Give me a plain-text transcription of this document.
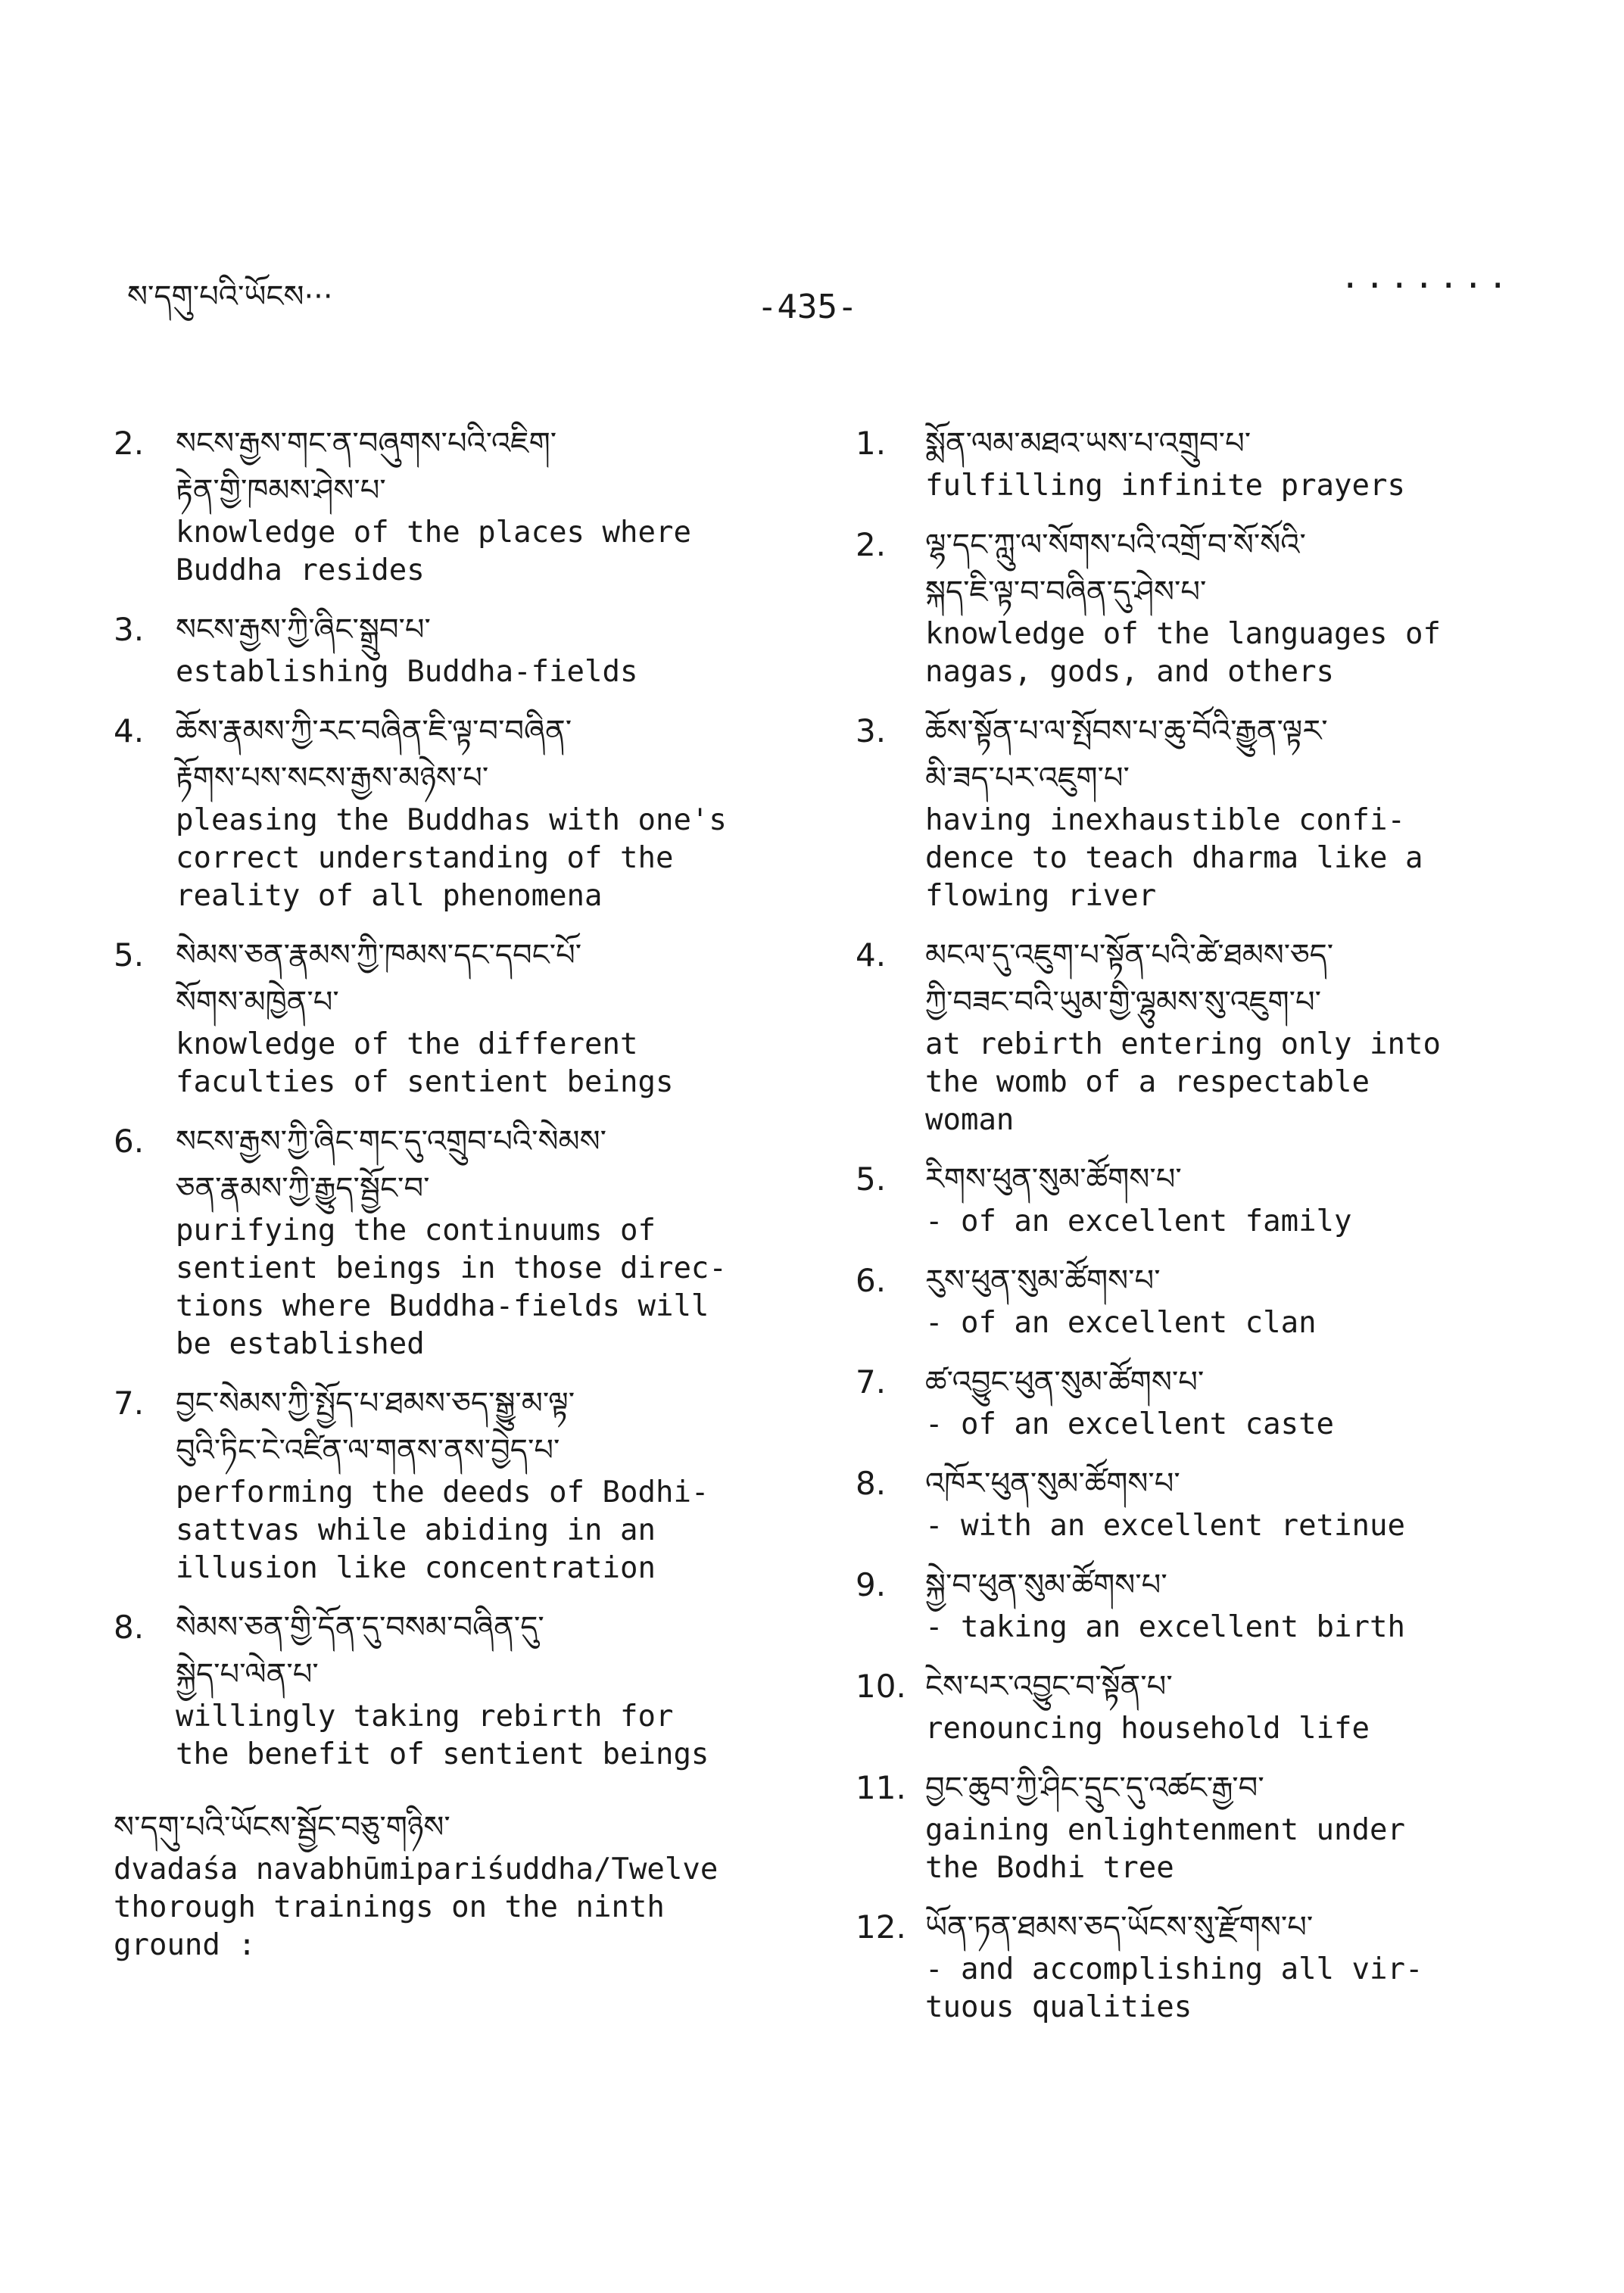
ས་དགུ་པའི་ཡོངས···	-435-
·······
2. སངས་རྒྱས་གང་ན་བཞུགས་པའི་འཇིག་
རྟེན་གྱི་ཁམས་ཤེས་པ་
knowledge of the places where
Buddha resides
3. སངས་རྒྱས་ཀྱི་ཞིང་སྒྲུབ་པ་
establishing Buddha-fields
4. ཆོས་རྣམས་ཀྱི་རང་བཞིན་ཇི་ལྟ་བ་བཞིན་
རྟོགས་པས་སངས་རྒྱས་མཉེས་པ་
pleasing the Buddhas with one's
correct understanding of the
reality of all phenomena
5. སེམས་ཅན་རྣམས་ཀྱི་ཁམས་དང་དབང་པོ་
སོགས་མཁྱེན་པ་
knowledge of the different
faculties of sentient beings
6. སངས་རྒྱས་ཀྱི་ཞིང་གང་དུ་འགྲུབ་པའི་སེམས་
ཅན་རྣམས་ཀྱི་རྒྱུད་སྦྱོང་བ་
purifying the continuums of
sentient beings in those direc-
tions where Buddha-fields will
be established
7. བྱང་སེམས་ཀྱི་སྤྱོད་པ་ཐམས་ཅད་སྒྱུ་མ་ལྟ་
བུའི་ཏིང་ངེ་འཛིན་ལ་གནས་ནས་བྱེད་པ་
performing the deeds of Bodhi-
sattvas while abiding in an
illusion like concentration
8. སེམས་ཅན་གྱི་དོན་དུ་བསམ་བཞིན་དུ་
སྐྱེད་པ་ལེན་པ་
willingly taking rebirth for
the benefit of sentient beings
ས་དགུ་པའི་ཡོངས་སྦྱོང་བཅུ་གཉིས་
dvadaśa navabhūmipariśuddha/Twelve
thorough trainings on the ninth
ground :
1. སྨོན་ལམ་མཐའ་ཡས་པ་འགྲུབ་པ་
fulfilling infinite prayers
2. ལྷ་དང་ཀླུ་ལ་སོགས་པའི་འགྲོ་བ་སོ་སོའི་
སྐད་ཇི་ལྟ་བ་བཞིན་དུ་ཤེས་པ་
knowledge of the languages of
nagas, gods, and others
3. ཆོས་སྟོན་པ་ལ་སྤོབས་པ་ཆུ་བོའི་རྒྱུན་ལྟར་
མི་ཟད་པར་འཇུག་པ་
having inexhaustible confi-
dence to teach dharma like a
flowing river
4. མངལ་དུ་འཇུག་པ་སྟོན་པའི་ཚེ་ཐམས་ཅད་
ཀྱི་བཟང་བའི་ཡུམ་གྱི་ལྷུམས་སུ་འཇུག་པ་
at rebirth entering only into
the womb of a respectable
woman
5. རིགས་ཕུན་སུམ་ཚོགས་པ་
- of an excellent family
6. རུས་ཕུན་སུམ་ཚོགས་པ་
- of an excellent clan
7. ཚ་འབྱུང་ཕུན་སུམ་ཚོགས་པ་
- of an excellent caste
8. འཁོར་ཕུན་སུམ་ཚོགས་པ་
- with an excellent retinue
9. སྐྱེ་བ་ཕུན་སུམ་ཚོགས་པ་
- taking an excellent birth
10. ངེས་པར་འབྱུང་བ་སྟོན་པ་
renouncing household life
11. བྱང་ཆུབ་ཀྱི་ཤིང་དྲུང་དུ་འཚང་རྒྱ་བ་
gaining enlightenment under
the Bodhi tree
12. ཡོན་ཏན་ཐམས་ཅད་ཡོངས་སུ་རྫོགས་པ་
- and accomplishing all vir-
tuous qualities
